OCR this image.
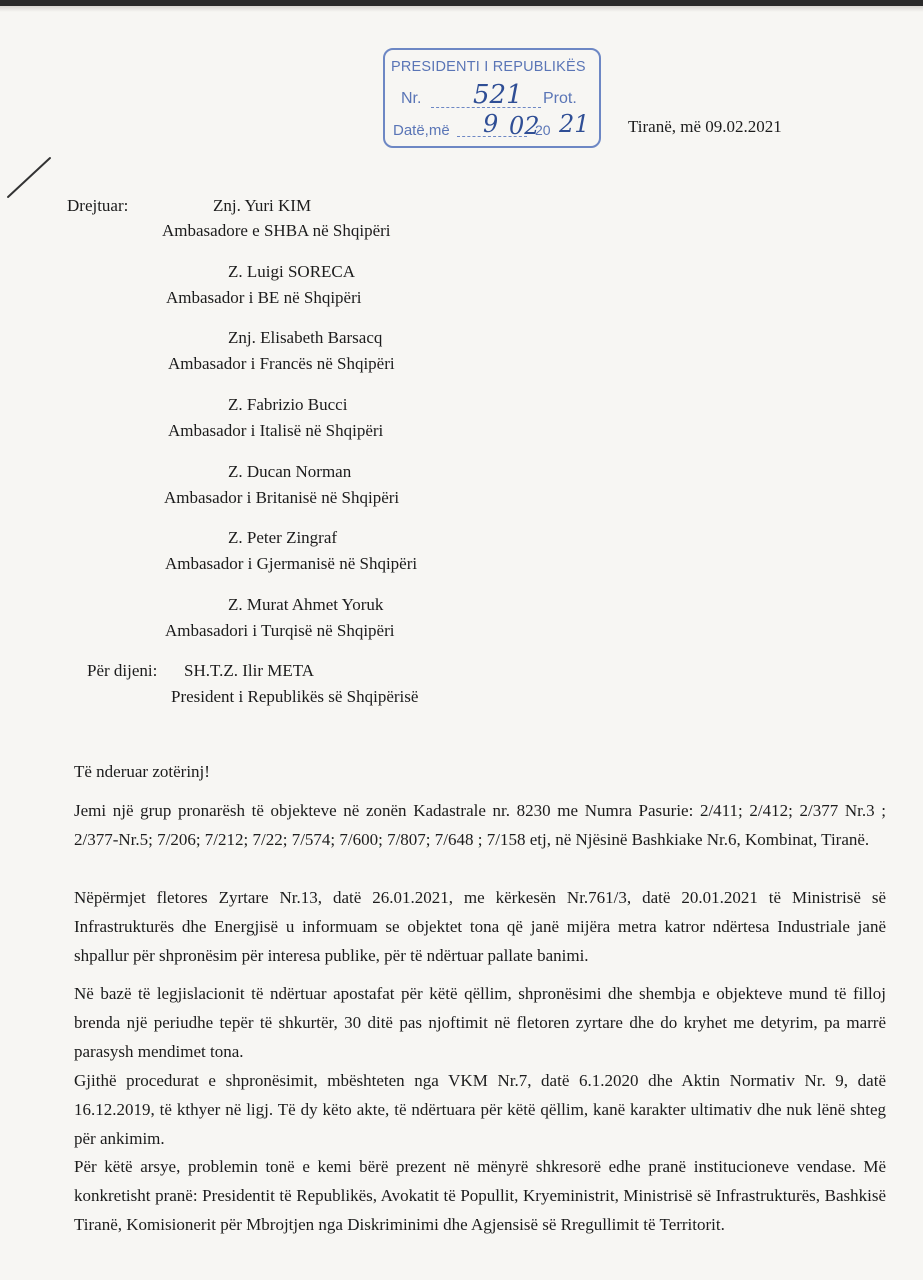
PRESIDENTI I REPUBLIKËS
Nr. 521 Prot.
Datë,më 9 02
20 21 Tiranë, më 09.02.2021
Drejtuar:	Znj. Yuri KIM
Ambasadore e SHBA në Shqipëri
Z. Luigi SORECA
Ambasador i BE në Shqipëri
Znj. Elisabeth Barsacq
Ambasador i Francës në Shqipëri
Z. Fabrizio Bucci
Ambasador i Italisë në Shqipëri
Z. Ducan Norman
Ambasador i Britanisë në Shqipëri
Z. Peter Zingraf
Ambasador i Gjermanisë në Shqipëri
Z. Murat Ahmet Yoruk
Ambasadori i Turqisë në Shqipëri
Për dijeni: SH.T.Z. Ilir META
President i Republikës së Shqipërisë
Të nderuar zotërinj!
Jemi një grup pronarësh të objekteve në zonën Kadastrale nr. 8230 me Numra Pasurie: 2/411; 2/412; 2/377 Nr.3 ; 2/377-Nr.5; 7/206; 7/212; 7/22; 7/574; 7/600; 7/807; 7/648 ; 7/158 etj, në Njësinë Bashkiake Nr.6, Kombinat, Tiranë.
Nëpërmjet fletores Zyrtare Nr.13, datë 26.01.2021, me kërkesën Nr.761/3, datë 20.01.2021 të Ministrisë së Infrastrukturës dhe Energjisë u informuam se objektet tona që janë mijëra metra katror ndërtesa Industriale janë shpallur për shpronësim për interesa publike, për të ndërtuar pallate banimi.
Në bazë të legjislacionit të ndërtuar apostafat për këtë qëllim, shpronësimi dhe shembja e objekteve mund të filloj brenda një periudhe tepër të shkurtër, 30 ditë pas njoftimit në fletoren zyrtare dhe do kryhet me detyrim, pa marrë parasysh mendimet tona.
Gjithë procedurat e shpronësimit, mbështeten nga VKM Nr.7, datë 6.1.2020 dhe Aktin Normativ Nr. 9, datë 16.12.2019, të kthyer në ligj. Të dy këto akte, të ndërtuara për këtë qëllim, kanë karakter ultimativ dhe nuk lënë shteg për ankimim.
Për këtë arsye, problemin tonë e kemi bërë prezent në mënyrë shkresorë edhe pranë institucioneve vendase. Më konkretisht pranë: Presidentit të Republikës, Avokatit të Popullit, Kryeministrit, Ministrisë së Infrastrukturës, Bashkisë Tiranë, Komisionerit për Mbrojtjen nga Diskriminimi dhe Agjensisë së Rregullimit të Territorit.
